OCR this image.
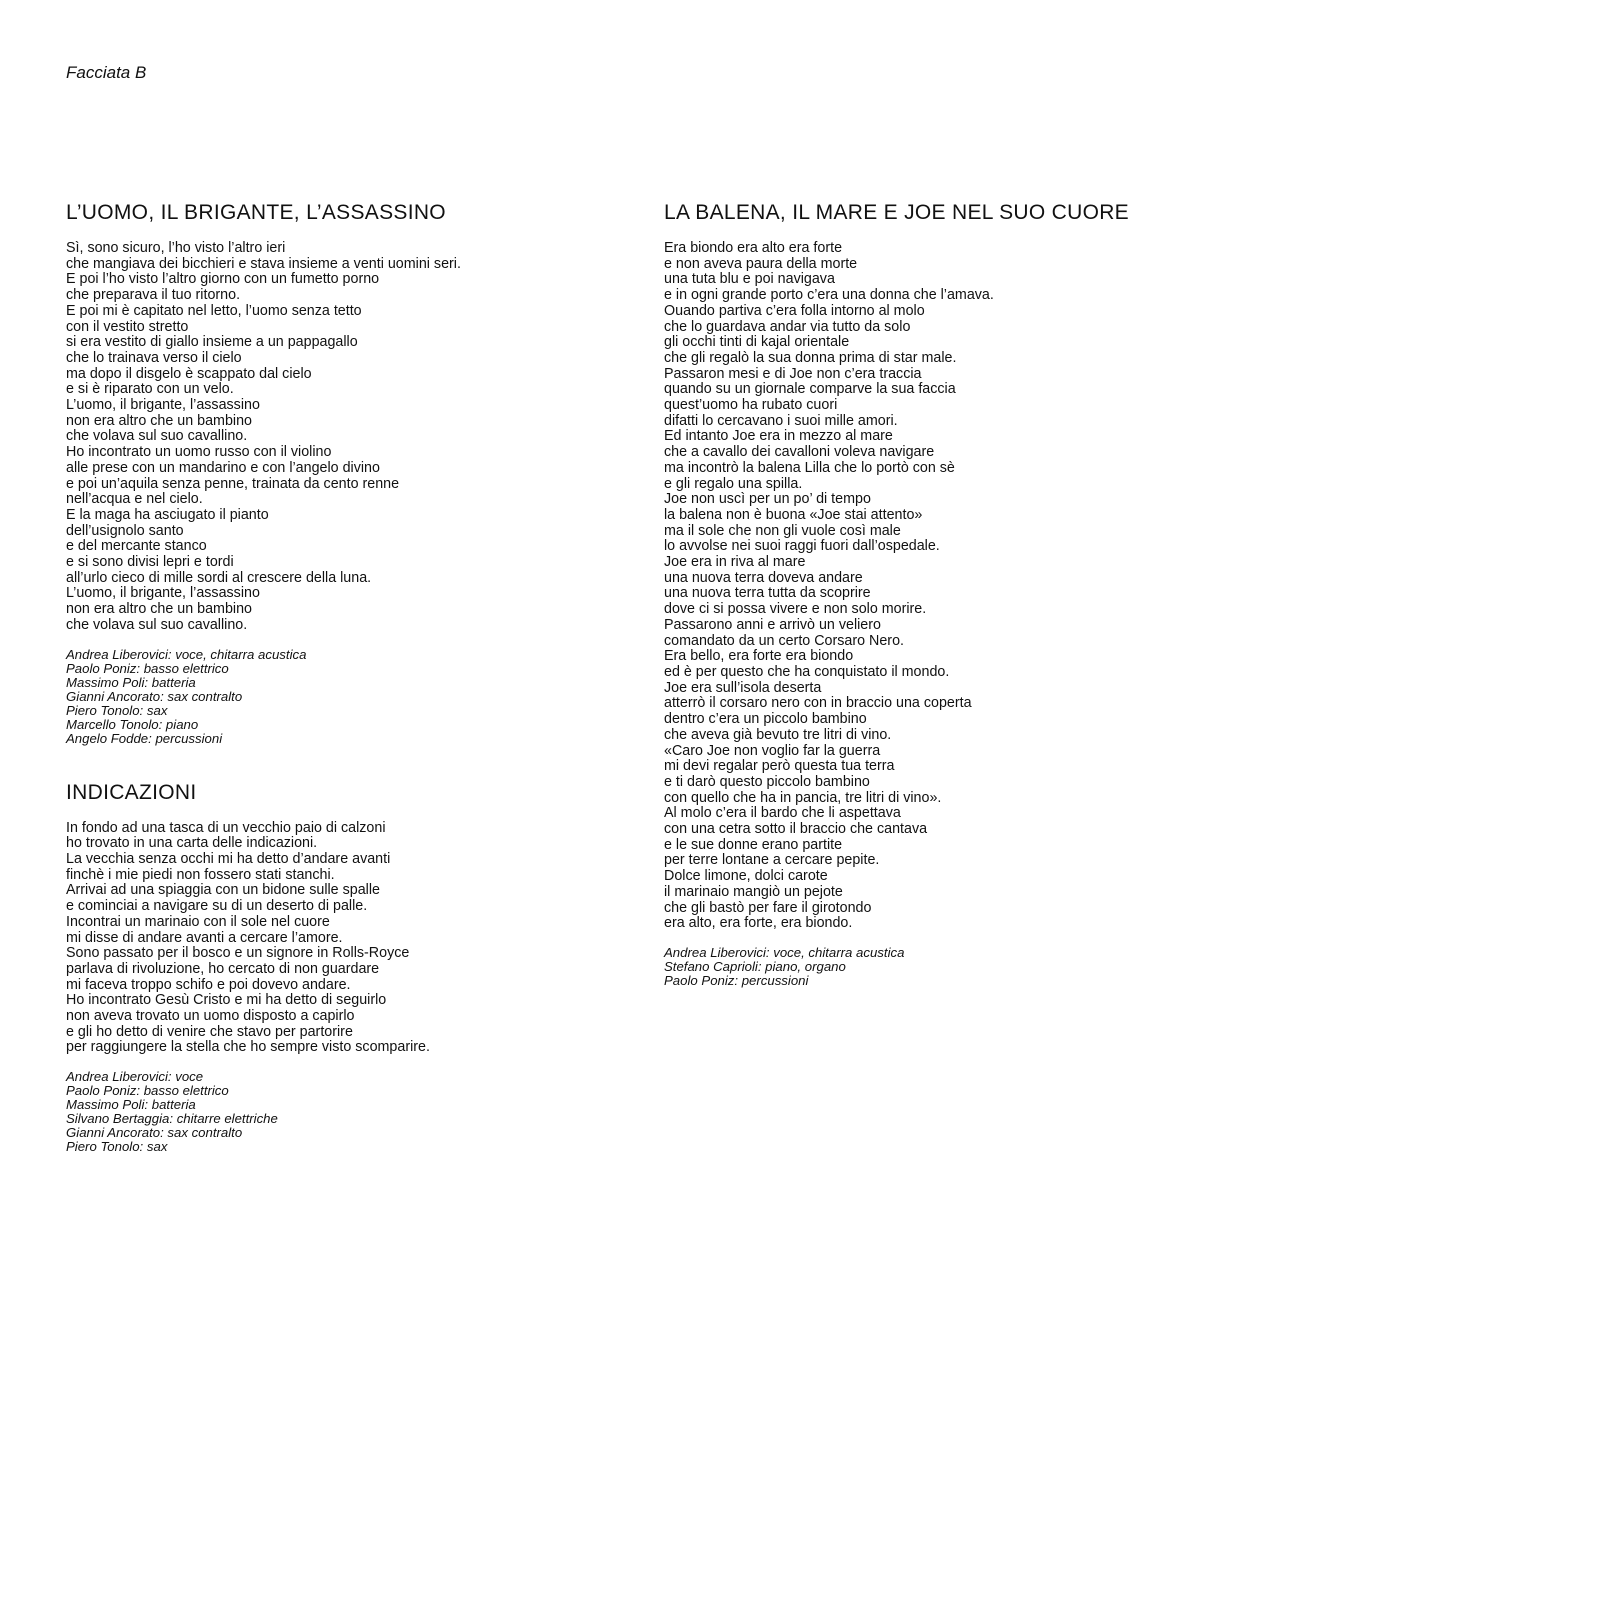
Facciata B

L’UOMO, IL BRIGANTE, L’ASSASSINO
Sì, sono sicuro, l’ho visto l’altro ieri
che mangiava dei bicchieri e stava insieme a venti uomini seri.
E poi l’ho visto l’altro giorno con un fumetto porno
che preparava il tuo ritorno.
E poi mi è capitato nel letto, l’uomo senza tetto
con il vestito stretto
si era vestito di giallo insieme a un pappagallo
che lo trainava verso il cielo
ma dopo il disgelo è scappato dal cielo
e si è riparato con un velo.
L’uomo, il brigante, l’assassino
non era altro che un bambino
che volava sul suo cavallino.
Ho incontrato un uomo russo con il violino
alle prese con un mandarino e con l’angelo divino
e poi un’aquila senza penne, trainata da cento renne
nell’acqua e nel cielo.
E la maga ha asciugato il pianto
dell’usignolo santo
e del mercante stanco
e si sono divisi lepri e tordi
all’urlo cieco di mille sordi al crescere della luna.
L’uomo, il brigante, l’assassino
non era altro che un bambino
che volava sul suo cavallino.
Andrea Liberovici: voce, chitarra acustica
Paolo Poniz: basso elettrico
Massimo Poli: batteria
Gianni Ancorato: sax contralto
Piero Tonolo: sax
Marcello Tonolo: piano
Angelo Fodde: percussioni
INDICAZIONI
In fondo ad una tasca di un vecchio paio di calzoni
ho trovato in una carta delle indicazioni.
La vecchia senza occhi mi ha detto d’andare avanti
finchè i mie piedi non fossero stati stanchi.
Arrivai ad una spiaggia con un bidone sulle spalle
e cominciai a navigare su di un deserto di palle.
Incontrai un marinaio con il sole nel cuore
mi disse di andare avanti a cercare l’amore.
Sono passato per il bosco e un signore in Rolls-Royce
parlava di rivoluzione, ho cercato di non guardare
mi faceva troppo schifo e poi dovevo andare.
Ho incontrato Gesù Cristo e mi ha detto di seguirlo
non aveva trovato un uomo disposto a capirlo
e gli ho detto di venire che stavo per partorire
per raggiungere la stella che ho sempre visto scomparire.
Andrea Liberovici: voce
Paolo Poniz: basso elettrico
Massimo Poli: batteria
Silvano Bertaggia: chitarre elettriche
Gianni Ancorato: sax contralto
Piero Tonolo: sax
LA BALENA, IL MARE E JOE NEL SUO CUORE
Era biondo era alto era forte
e non aveva paura della morte
una tuta blu e poi navigava
e in ogni grande porto c’era una donna che l’amava.
Ouando partiva c’era folla intorno al molo
che lo guardava andar via tutto da solo
gli occhi tinti di kajal orientale
che gli regalò la sua donna prima di star male.
Passaron mesi e di Joe non c’era traccia
quando su un giornale comparve la sua faccia
quest’uomo ha rubato cuori
difatti lo cercavano i suoi mille amori.
Ed intanto Joe era in mezzo al mare
che a cavallo dei cavalloni voleva navigare
ma incontrò la balena Lilla che lo portò con sè
e gli regalo una spilla.
Joe non uscì per un po’ di tempo
la balena non è buona «Joe stai attento»
ma il sole che non gli vuole così male
lo avvolse nei suoi raggi fuori dall’ospedale.
Joe era in riva al mare
una nuova terra doveva andare
una nuova terra tutta da scoprire
dove ci si possa vivere e non solo morire.
Passarono anni e arrivò un veliero
comandato da un certo Corsaro Nero.
Era bello, era forte era biondo
ed è per questo che ha conquistato il mondo.
Joe era sull’isola deserta
atterrò il corsaro nero con in braccio una coperta
dentro c’era un piccolo bambino
che aveva già bevuto tre litri di vino.
«Caro Joe non voglio far la guerra
mi devi regalar però questa tua terra
e ti darò questo piccolo bambino
con quello che ha in pancia, tre litri di vino».
Al molo c’era il bardo che li aspettava
con una cetra sotto il braccio che cantava
e le sue donne erano partite
per terre lontane a cercare pepite.
Dolce limone, dolci carote
il marinaio mangiò un pejote
che gli bastò per fare il girotondo
era alto, era forte, era biondo.
Andrea Liberovici: voce, chitarra acustica
Stefano Caprioli: piano, organo
Paolo Poniz: percussioni
